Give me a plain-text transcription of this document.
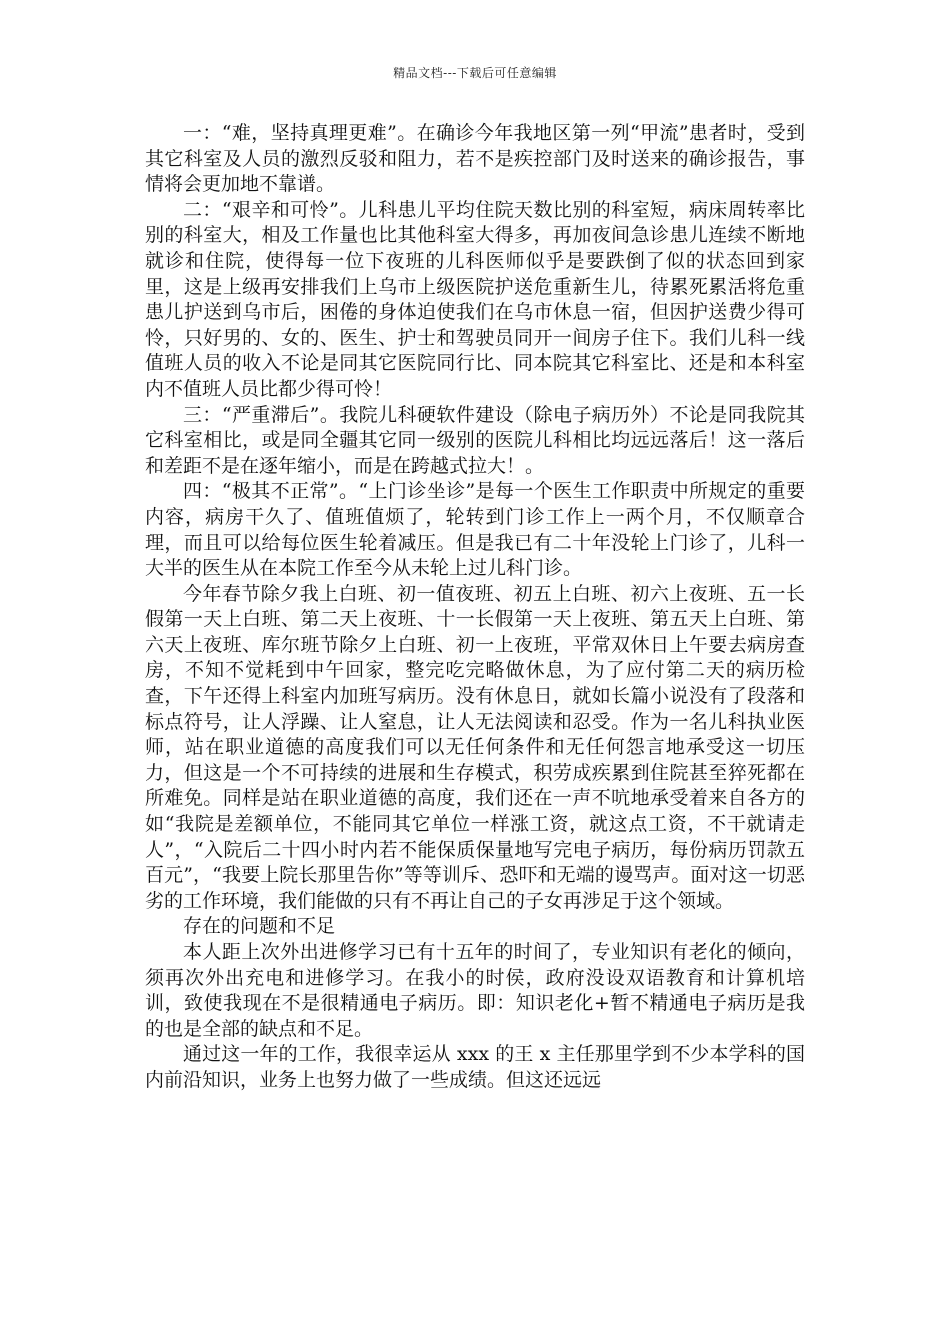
精品文档---下载后可任意编辑

一：“难，坚持真理更难”。在确诊今年我地区第一列“甲流”患者时，受到其它科室及人员的激烈反驳和阻力，若不是疾控部门及时送来的确诊报告，事情将会更加地不靠谱。

二：“艰辛和可怜”。儿科患儿平均住院天数比别的科室短，病床周转率比别的科室大，相及工作量也比其他科室大得多，再加夜间急诊患儿连续不断地就诊和住院，使得每一位下夜班的儿科医师似乎是要跌倒了似的状态回到家里，这是上级再安排我们上乌市上级医院护送危重新生儿，待累死累活将危重患儿护送到乌市后，困倦的身体迫使我们在乌市休息一宿，但因护送费少得可怜，只好男的、女的、医生、护士和驾驶员同开一间房子住下。我们儿科一线值班人员的收入不论是同其它医院同行比、同本院其它科室比、还是和本科室内不值班人员比都少得可怜！

三：“严重滞后”。我院儿科硬软件建设（除电子病历外）不论是同我院其它科室相比，或是同全疆其它同一级别的医院儿科相比均远远落后！这一落后和差距不是在逐年缩小，而是在跨越式拉大！。

四：“极其不正常”。“上门诊坐诊”是每一个医生工作职责中所规定的重要内容，病房干久了、值班值烦了，轮转到门诊工作上一两个月，不仅顺章合理，而且可以给每位医生轮着减压。但是我已有二十年没轮上门诊了，儿科一大半的医生从在本院工作至今从未轮上过儿科门诊。

今年春节除夕我上白班、初一值夜班、初五上白班、初六上夜班、五一长假第一天上白班、第二天上夜班、十一长假第一天上夜班、第五天上白班、第六天上夜班、库尔班节除夕上白班、初一上夜班，平常双休日上午要去病房查房，不知不觉耗到中午回家，整完吃完略做休息，为了应付第二天的病历检查，下午还得上科室内加班写病历。没有休息日，就如长篇小说没有了段落和标点符号，让人浮躁、让人窒息，让人无法阅读和忍受。作为一名儿科执业医师，站在职业道德的高度我们可以无任何条件和无任何怨言地承受这一切压力，但这是一个不可持续的进展和生存模式，积劳成疾累到住院甚至猝死都在所难免。同样是站在职业道德的高度，我们还在一声不吭地承受着来自各方的如“我院是差额单位，不能同其它单位一样涨工资，就这点工资，不干就请走人”，“入院后二十四小时内若不能保质保量地写完电子病历，每份病历罚款五百元”，“我要上院长那里告你”等等训斥、恐吓和无端的谩骂声。面对这一切恶劣的工作环境，我们能做的只有不再让自己的子女再涉足于这个领域。

存在的问题和不足

本人距上次外出进修学习已有十五年的时间了，专业知识有老化的倾向，须再次外出充电和进修学习。在我小的时侯，政府没设双语教育和计算机培训，致使我现在不是很精通电子病历。即：知识老化+暂不精通电子病历是我的也是全部的缺点和不足。

通过这一年的工作，我很幸运从 xxx 的王 x 主任那里学到不少本学科的国内前沿知识，业务上也努力做了一些成绩。但这还远远
